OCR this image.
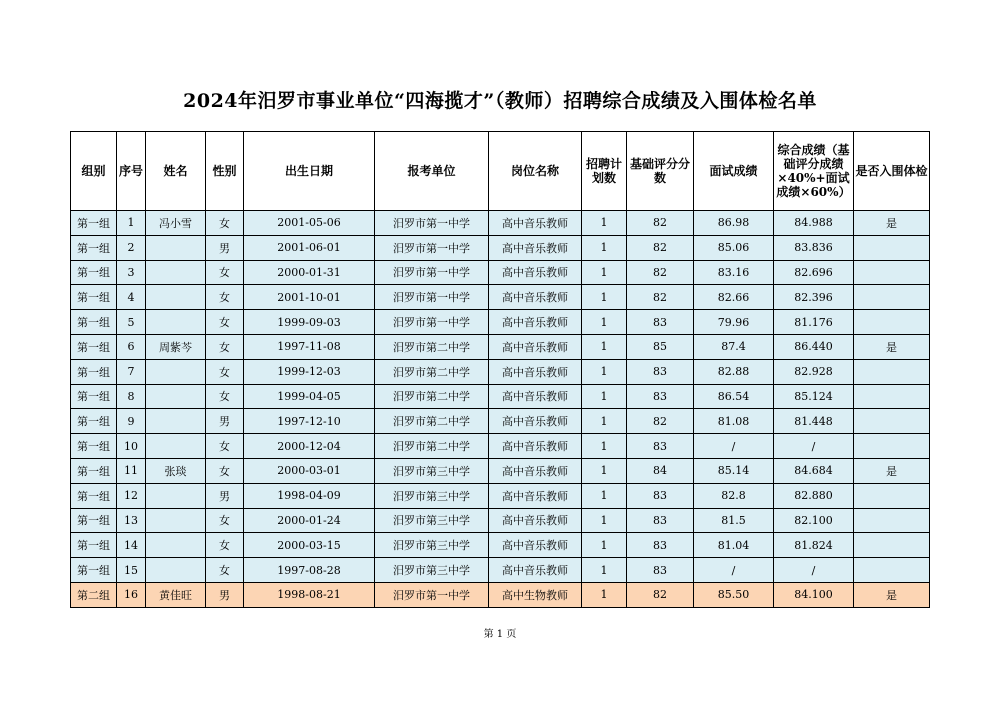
2024年汨罗市事业单位“四海揽才”（教师）招聘综合成绩及入围体检名单
组别	序号	姓名	性别	出生日期	报考单位	岗位名称	招聘计划数	基础评分分数	面试成绩	综合成绩（基础评分成绩×40%+面试成绩×60%）	是否入围体检
第一组	1	冯小雪	女	2001-05-06	汨罗市第一中学	高中音乐教师	1	82	86.98	84.988	是
第一组	2		男	2001-06-01	汨罗市第一中学	高中音乐教师	1	82	85.06	83.836	
第一组	3		女	2000-01-31	汨罗市第一中学	高中音乐教师	1	82	83.16	82.696	
第一组	4		女	2001-10-01	汨罗市第一中学	高中音乐教师	1	82	82.66	82.396	
第一组	5		女	1999-09-03	汨罗市第一中学	高中音乐教师	1	83	79.96	81.176	
第一组	6	周紫芩	女	1997-11-08	汨罗市第二中学	高中音乐教师	1	85	87.4	86.440	是
第一组	7		女	1999-12-03	汨罗市第二中学	高中音乐教师	1	83	82.88	82.928	
第一组	8		女	1999-04-05	汨罗市第二中学	高中音乐教师	1	83	86.54	85.124	
第一组	9		男	1997-12-10	汨罗市第二中学	高中音乐教师	1	82	81.08	81.448	
第一组	10		女	2000-12-04	汨罗市第二中学	高中音乐教师	1	83	/	/	
第一组	11	张琰	女	2000-03-01	汨罗市第三中学	高中音乐教师	1	84	85.14	84.684	是
第一组	12		男	1998-04-09	汨罗市第三中学	高中音乐教师	1	83	82.8	82.880	
第一组	13		女	2000-01-24	汨罗市第三中学	高中音乐教师	1	83	81.5	82.100	
第一组	14		女	2000-03-15	汨罗市第三中学	高中音乐教师	1	83	81.04	81.824	
第一组	15		女	1997-08-28	汨罗市第三中学	高中音乐教师	1	83	/	/	
第二组	16	黄佳旺	男	1998-08-21	汨罗市第一中学	高中生物教师	1	82	85.50	84.100	是
第 1 页
